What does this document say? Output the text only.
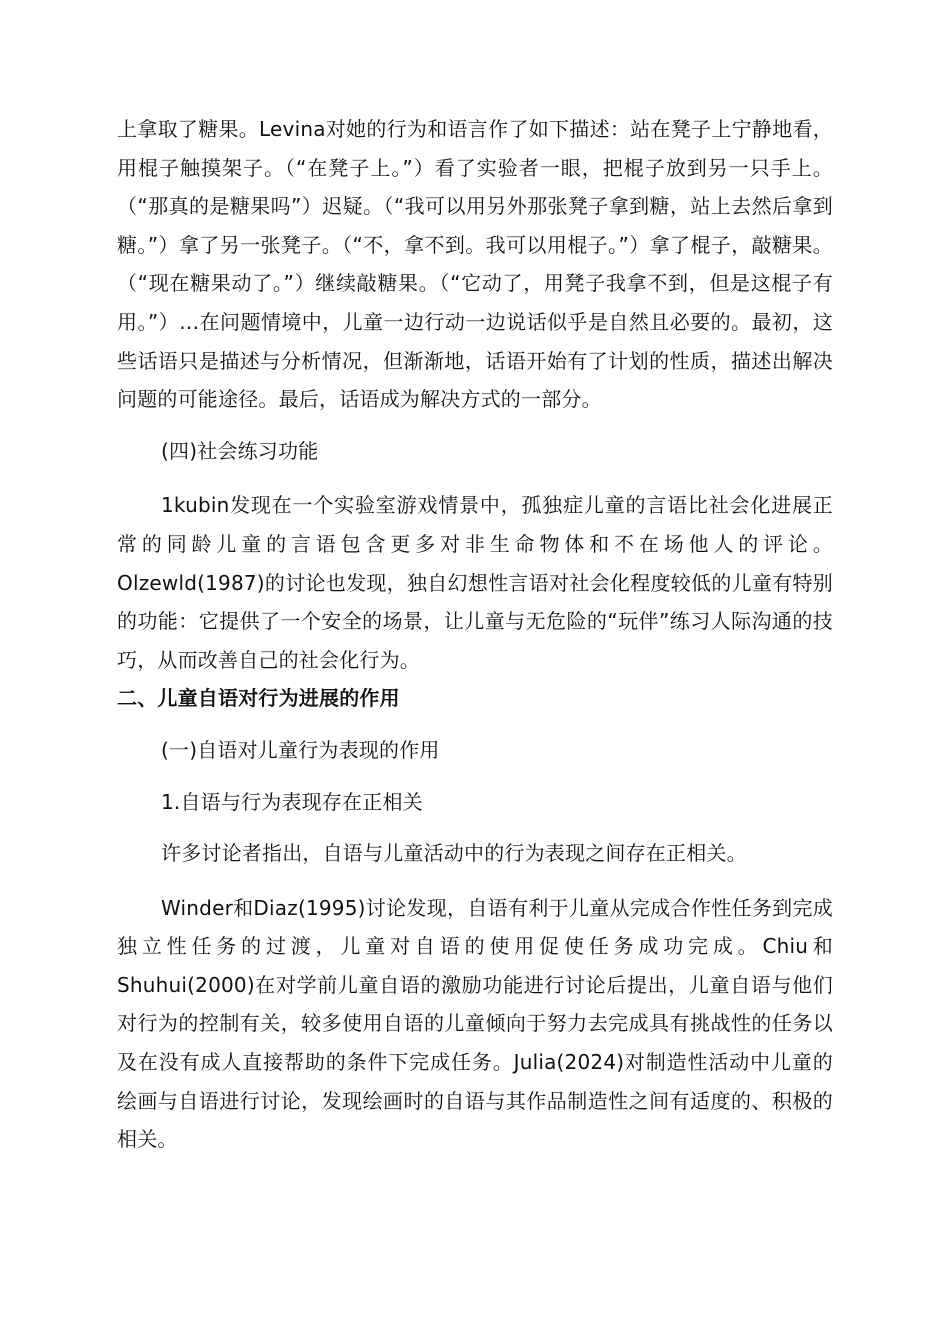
上拿取了糖果。Levina对她的行为和语言作了如下描述：站在凳子上宁静地看，用棍子触摸架子。（“在凳子上。”）看了实验者一眼，把棍子放到另一只手上。（“那真的是糖果吗”）迟疑。（“我可以用另外那张凳子拿到糖，站上去然后拿到糖。”）拿了另一张凳子。（“不，拿不到。我可以用棍子。”）拿了棍子，敲糖果。（“现在糖果动了。”）继续敲糖果。（“它动了，用凳子我拿不到，但是这棍子有用。”）…在问题情境中，儿童一边行动一边说话似乎是自然且必要的。最初，这些话语只是描述与分析情况，但渐渐地，话语开始有了计划的性质，描述出解决问题的可能途径。最后，话语成为解决方式的一部分。

(四)社会练习功能

1kubin发现在一个实验室游戏情景中，孤独症儿童的言语比社会化进展正常的同龄儿童的言语包含更多对非生命物体和不在场他人的评论。Olzewld(1987)的讨论也发现，独自幻想性言语对社会化程度较低的儿童有特别的功能：它提供了一个安全的场景，让儿童与无危险的“玩伴”练习人际沟通的技巧，从而改善自己的社会化行为。

二、儿童自语对行为进展的作用

(一)自语对儿童行为表现的作用

1.自语与行为表现存在正相关

许多讨论者指出，自语与儿童活动中的行为表现之间存在正相关。

Winder和Diaz(1995)讨论发现，自语有利于儿童从完成合作性任务到完成独立性任务的过渡，儿童对自语的使用促使任务成功完成。Chiu和Shuhui(2000)在对学前儿童自语的激励功能进行讨论后提出，儿童自语与他们对行为的控制有关，较多使用自语的儿童倾向于努力去完成具有挑战性的任务以及在没有成人直接帮助的条件下完成任务。Julia(2024)对制造性活动中儿童的绘画与自语进行讨论，发现绘画时的自语与其作品制造性之间有适度的、积极的相关。
